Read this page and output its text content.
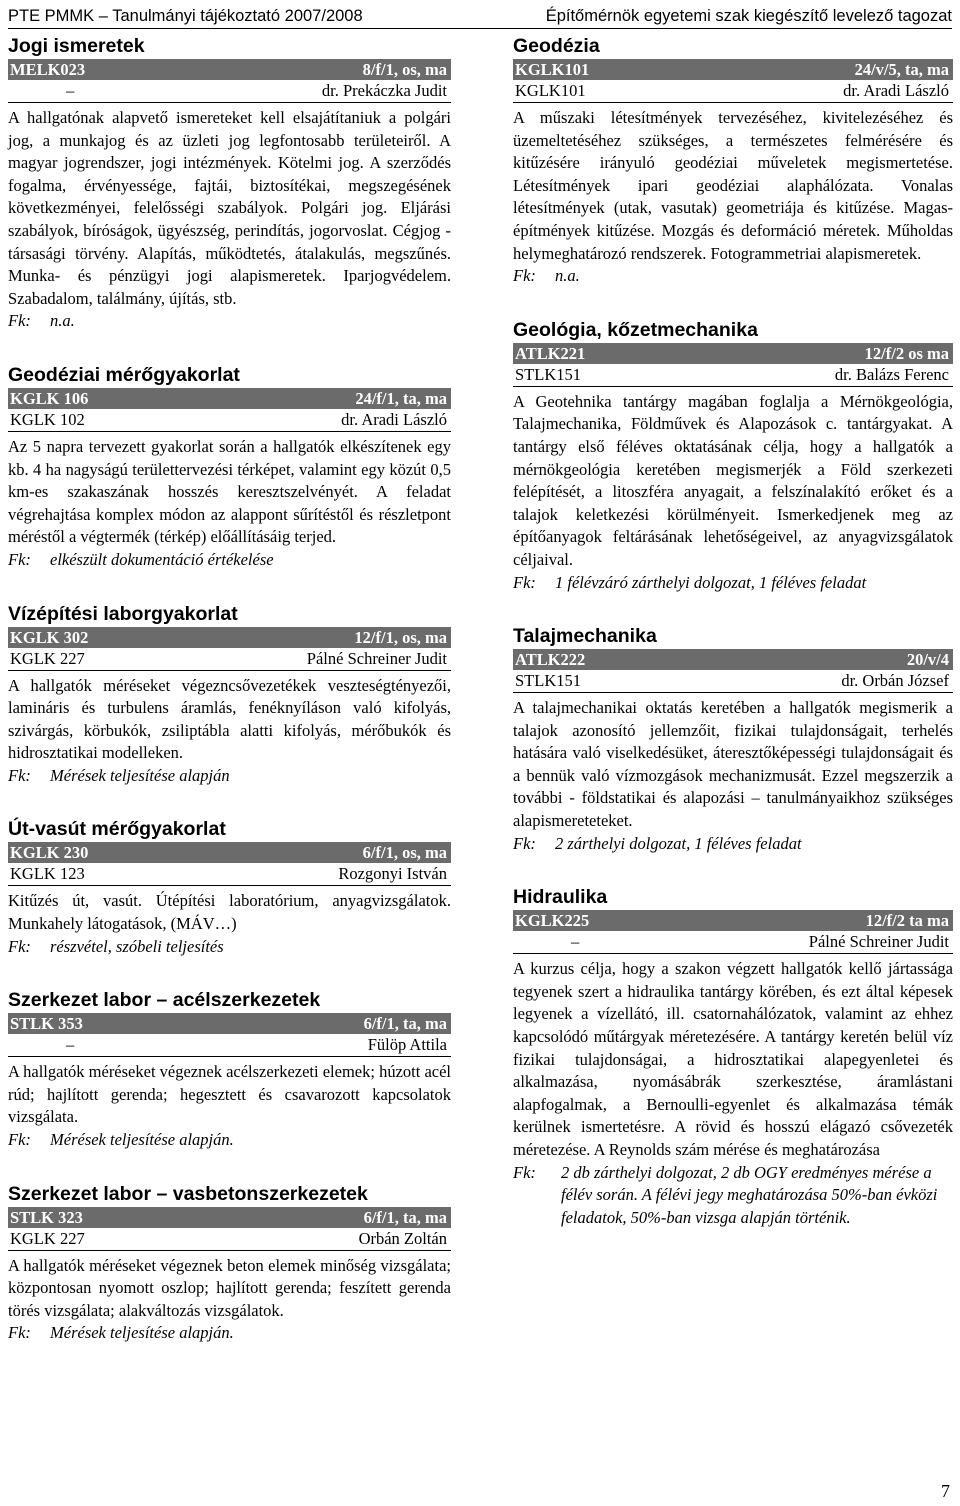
PTE PMMK – Tanulmányi tájékoztató 2007/2008	Építőmérnök egyetemi szak kiegészítő levelező tagozat
Jogi ismeretek
MELK023	8/f/1, os, ma
–	dr. Prekáczka Judit

A hallgatónak alapvető ismereteket kell elsajátítaniuk a polgári jog, a munkajog és az üzleti jog legfontosabb területeiről. A magyar jogrendszer, jogi intézmények. Kötelmi jog. A szerződés fogalma, érvényessége, fajtái, biztosítékai, megszegésének következményei, felelősségi szabályok. Polgári jog. Eljárási szabályok, bíróságok, ügyészség, perindítás, jogorvoslat. Cégjog - társasági törvény. Alapítás, működtetés, átalakulás, megszűnés. Munka- és pénzügyi jogi alapismeretek. Iparjogvédelem. Szabadalom, találmány, újítás, stb.

Fk: n.a.

Geodéziai mérőgyakorlat
KGLK 106	24/f/1, ta, ma
KGLK 102	dr. Aradi László

Az 5 napra tervezett gyakorlat során a hallgatók elkészítenek egy kb. 4 ha nagyságú területtervezési térképet, valamint egy közút 0,5 km-es szakaszának hosszés keresztszelvényét. A feladat végrehajtása komplex módon az alappont sűrítéstől és részletpont méréstől a végtermék (térkép) előállításáig terjed.

Fk: elkészült dokumentáció értékelése

Vízépítési laborgyakorlat
KGLK 302	12/f/1, os, ma
KGLK 227	Pálné Schreiner Judit

A hallgatók méréseket végeznсsővezetékek veszteségtényezői, lamináris és turbulens áramlás, fenéknyíláson való kifolyás, szivárgás, körbukók, zsiliptábla alatti kifolyás, mérőbukók és hidrosztatikai modelleken.

Fk: Mérések teljesítése alapján

Út-vasút mérőgyakorlat
KGLK 230	6/f/1, os, ma
KGLK 123	Rozgonyi István

Kitűzés út, vasút. Útépítési laboratórium, anyagvizsgálatok. Munkahely látogatások, (MÁV…)

Fk: részvétel, szóbeli teljesítés

Szerkezet labor – acélszerkezetek
STLK 353	6/f/1, ta, ma
–	Fülöp Attila

A hallgatók méréseket végeznek acélszerkezeti elemek; húzott acél rúd; hajlított gerenda; hegesztett és csavarozott kapcsolatok vizsgálata.

Fk: Mérések teljesítése alapján.

Szerkezet labor – vasbetonszerkezetek
STLK 323	6/f/1, ta, ma
KGLK 227	Orbán Zoltán

A hallgatók méréseket végeznek beton elemek minőség vizsgálata; központosan nyomott oszlop; hajlított gerenda; feszített gerenda törés vizsgálata; alakváltozás vizsgálatok.

Fk: Mérések teljesítése alapján.

Geodézia
KGLK101	24/v/5, ta, ma
KGLK101	dr. Aradi László

A műszaki létesítmények tervezéséhez, kivitelezéséhez és üzemeltetéséhez szükséges, a természetes felmérésére és kitűzésére irányuló geodéziai műveletek megismertetése. Létesítmények ipari geodéziai alaphálózata. Vonalas létesítmények (utak, vasutak) geometriája és kitűzése. Magas-építmények kitűzése. Mozgás és deformáció méretek. Műholdas helymeghatározó rendszerek. Fotogrammetriai alapismeretek.

Fk: n.a.

Geológia, kőzetmechanika
ATLK221	12/f/2 os ma
STLK151	dr. Balázs Ferenc

A Geotehnika tantárgy magában foglalja a Mérnökgeológia, Talajmechanika, Földművek és Alapozások c. tantárgyakat. A tantárgy első féléves oktatásának célja, hogy a hallgatók a mérnökgeológia keretében megismerjék a Föld szerkezeti felépítését, a litoszféra anyagait, a felszínalakító erőket és a talajok keletkezési körülményeit. Ismerkedjenek meg az építőanyagok feltárásának lehetőségeivel, az anyagvizsgálatok céljaival.

Fk: 1 félévzáró zárthelyi dolgozat, 1 féléves feladat

Talajmechanika
ATLK222	20/v/4
STLK151	dr. Orbán József

A talajmechanikai oktatás keretében a hallgatók megismerik a talajok azonosító jellemzőit, fizikai tulajdonságait, terhelés hatására való viselkedésüket, áteresztőképességi tulajdonságait és a bennük való vízmozgások mechanizmusát. Ezzel megszerzik a további - földstatikai és alapozási – tanulmányaikhoz szükséges alapismereteteket.

Fk: 2 zárthelyi dolgozat, 1 féléves feladat

Hidraulika
KGLK225	12/f/2 ta ma
–	Pálné Schreiner Judit

A kurzus célja, hogy a szakon végzett hallgatók kellő jártassága tegyenek szert a hidraulika tantárgy körében, és ezt által képesek legyenek a vízellátó, ill. csatornahálózatok, valamint az ehhez kapcsolódó műtárgyak méretezésére. A tantárgy keretén belül víz fizikai tulajdonságai, a hidrosztatikai alapegyenletei és alkalmazása, nyomásábrák szerkesztése, áramlástani alapfogalmak, a Bernoulli-egyenlet és alkalmazása témák kerülnek ismertetésre. A rövid és hosszú elágazó csővezeték méretezése. A Reynolds szám mérése és meghatározása

Fk:	2 db zárthelyi dolgozat, 2 db OGY eredményes mérése a félév során. A félévi jegy meghatározása 50%-ban évközi feladatok, 50%-ban vizsga alapján történik.
7
